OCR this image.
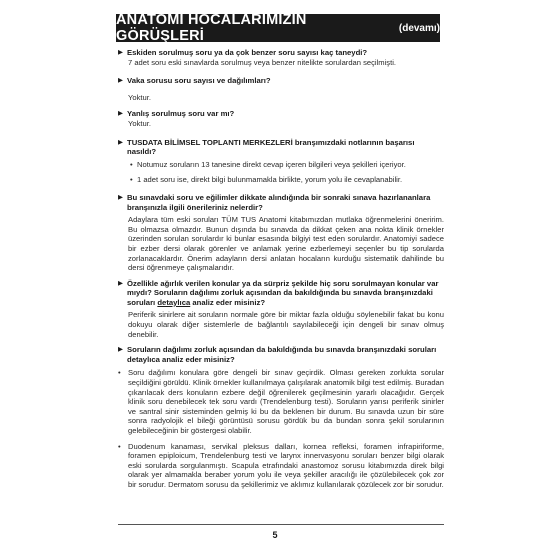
ANATOMİ HOCALARIMIZIN GÖRÜŞLERİ	(devamı)
▶ Eskiden sorulmuş soru ya da çok benzer soru sayısı kaç taneydi?
7 adet soru eski sınavlarda sorulmuş veya benzer nitelikte sorulardan seçilmişti.
▶ Vaka sorusu soru sayısı ve dağılımları?
Yoktur.
▶ Yanlış sorulmuş soru var mı?
Yoktur.
▶ TUSDATA BİLİMSEL TOPLANTI MERKEZLERİ branşımızdaki notlarının başarısı nasıldı?
• Notumuz soruların 13 tanesine direkt cevap içeren bilgileri veya şekilleri içeriyor.
• 1 adet soru ise, direkt bilgi bulunmamakla birlikte, yorum yolu ile cevaplanabilir.
▶ Bu sınavdaki soru ve eğilimler dikkate alındığında bir sonraki sınava hazırlananlara branşınızla ilgili önerileriniz nelerdir?
Adaylara tüm eski soruları TÜM TUS Anatomi kitabımızdan mutlaka öğrenmelerini öneririm. Bu olmazsa olmazdır. Bunun dışında bu sınavda da dikkat çeken ana nokta klinik örnekler üzerinden sorulan sorulardır ki bunlar esasında bilgiyi test eden sorulardır. Anatomiyi sadece bir ezber dersi olarak görenler ve anlamak yerine ezberlemeyi seçenler bu tip sorularda zorlanacaklardır. Önerim adayların dersi anlatan hocaların kurduğu sistematik dahilinde bu dersi öğrenmeye çalışmalarıdır.
▶ Özellikle ağırlık verilen konular ya da sürpriz şekilde hiç soru sorulmayan konular var mıydı? Soruların dağılımı zorluk açısından da bakıldığında bu sınavda branşınızdaki soruları detaylıca analiz eder misiniz?
Periferik sinirlere ait soruların normale göre bir miktar fazla olduğu söylenebilir fakat bu konu dokuyu olarak diğer sistemlerle de bağlantılı sayılabileceği için dengeli bir sınav olmuş denebilir.
▶ Soruların dağılımı zorluk açısından da bakıldığında bu sınavda branşınızdaki soruları detaylıca analiz eder misiniz?
• Soru dağılımı konulara göre dengeli bir sınav geçirdik. Olması gereken zorlukta sorular seçildiğini görüldü. Klinik örnekler kullanılmaya çalışılarak anatomik bilgi test edilmiş. Buradan çıkarılacak ders konuların ezbere değil öğrenilerek geçilmesinin yararlı olacağıdır. Gerçek klinik soru denebilecek tek soru vardı (Trendelenburg testi). Soruların yarısı periferik sinirler ve santral sinir sisteminden gelmiş ki bu da beklenen bir durum. Bu sınavda uzun bir süre sonra radyolojik el bileği görüntüsü sorusu gördük bu da bundan sonra şekil sorularının gelebileceğinin bir göstergesi olabilir.
• Duodenum kanaması, servikal pleksus dalları, kornea refleksi, foramen infrapiriforme, foramen epiploicum, Trendelenburg testi ve larynx innervasyonu soruları benzer bilgi olarak eski sorularda sorgulanmıştı. Scapula etrafındaki anastomoz sorusu kitabımızda direk bilgi olarak yer almamakla beraber yorum yolu ile veya şekiller aracılığı ile çözülebilecek çok zor bir sorudur. Dermatom sorusu da şekillerimiz ve aklımız kullanılarak çözülecek zor bir sorudur.
5
